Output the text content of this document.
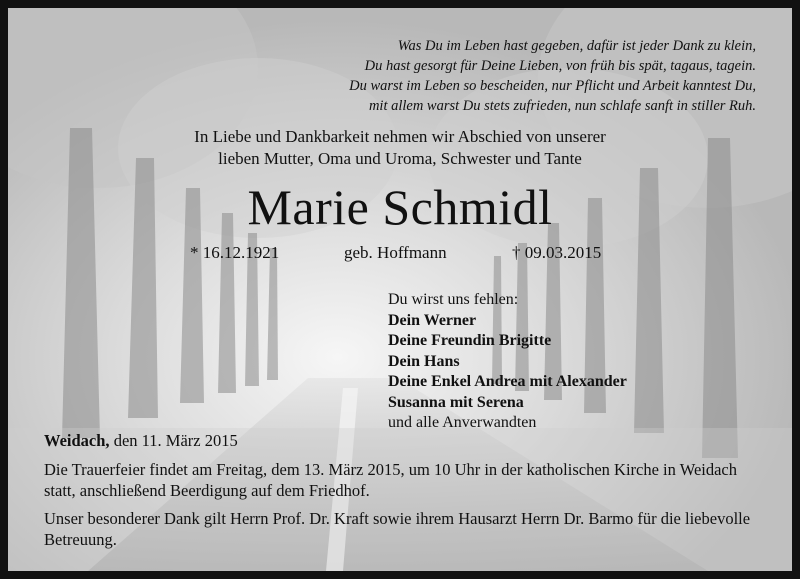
Was Du im Leben hast gegeben, dafür ist jeder Dank zu klein,
Du hast gesorgt für Deine Lieben, von früh bis spät, tagaus, tagein.
Du warst im Leben so bescheiden, nur Pflicht und Arbeit kanntest Du,
mit allem warst Du stets zufrieden, nun schlafe sanft in stiller Ruh.
In Liebe und Dankbarkeit nehmen wir Abschied von unserer
lieben Mutter, Oma und Uroma, Schwester und Tante
Marie Schmidl
* 16.12.1921	geb. Hoffmann	† 09.03.2015
Du wirst uns fehlen:
Dein Werner
Deine Freundin Brigitte
Dein Hans
Deine Enkel Andrea mit Alexander
Susanna mit Serena
und alle Anverwandten
Weidach, den 11. März 2015
Die Trauerfeier findet am Freitag, dem 13. März 2015, um 10 Uhr in der katholischen Kirche in Weidach statt, anschließend Beerdigung auf dem Friedhof.
Unser besonderer Dank gilt Herrn Prof. Dr. Kraft sowie ihrem Hausarzt Herrn Dr. Barmo für die liebevolle Betreuung.
